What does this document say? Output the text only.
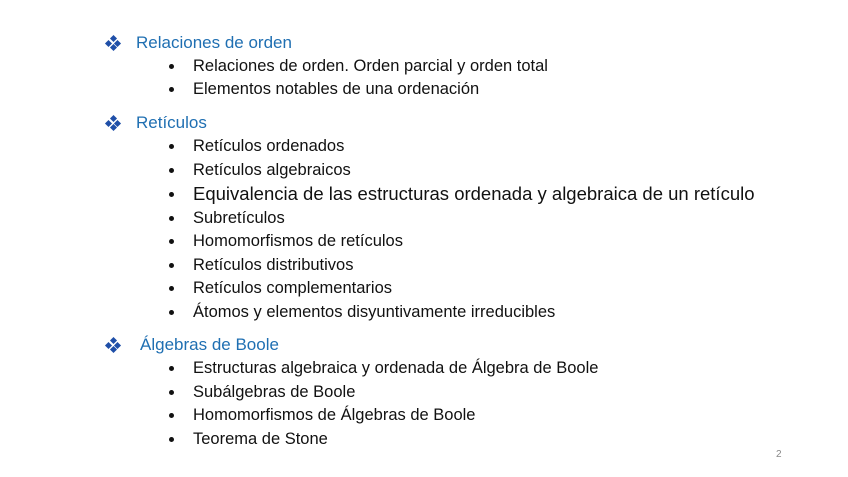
Relaciones de orden
Relaciones de orden. Orden parcial y orden total
Elementos notables de una ordenación
Retículos
Retículos ordenados
Retículos algebraicos
Equivalencia de las estructuras ordenada y algebraica de un retículo
Subretículos
Homomorfismos de retículos
Retículos distributivos
Retículos complementarios
Átomos y elementos disyuntivamente irreducibles
Álgebras de Boole
Estructuras algebraica y ordenada de Álgebra de Boole
Subálgebras de Boole
Homomorfismos de Álgebras de Boole
Teorema de Stone
2
